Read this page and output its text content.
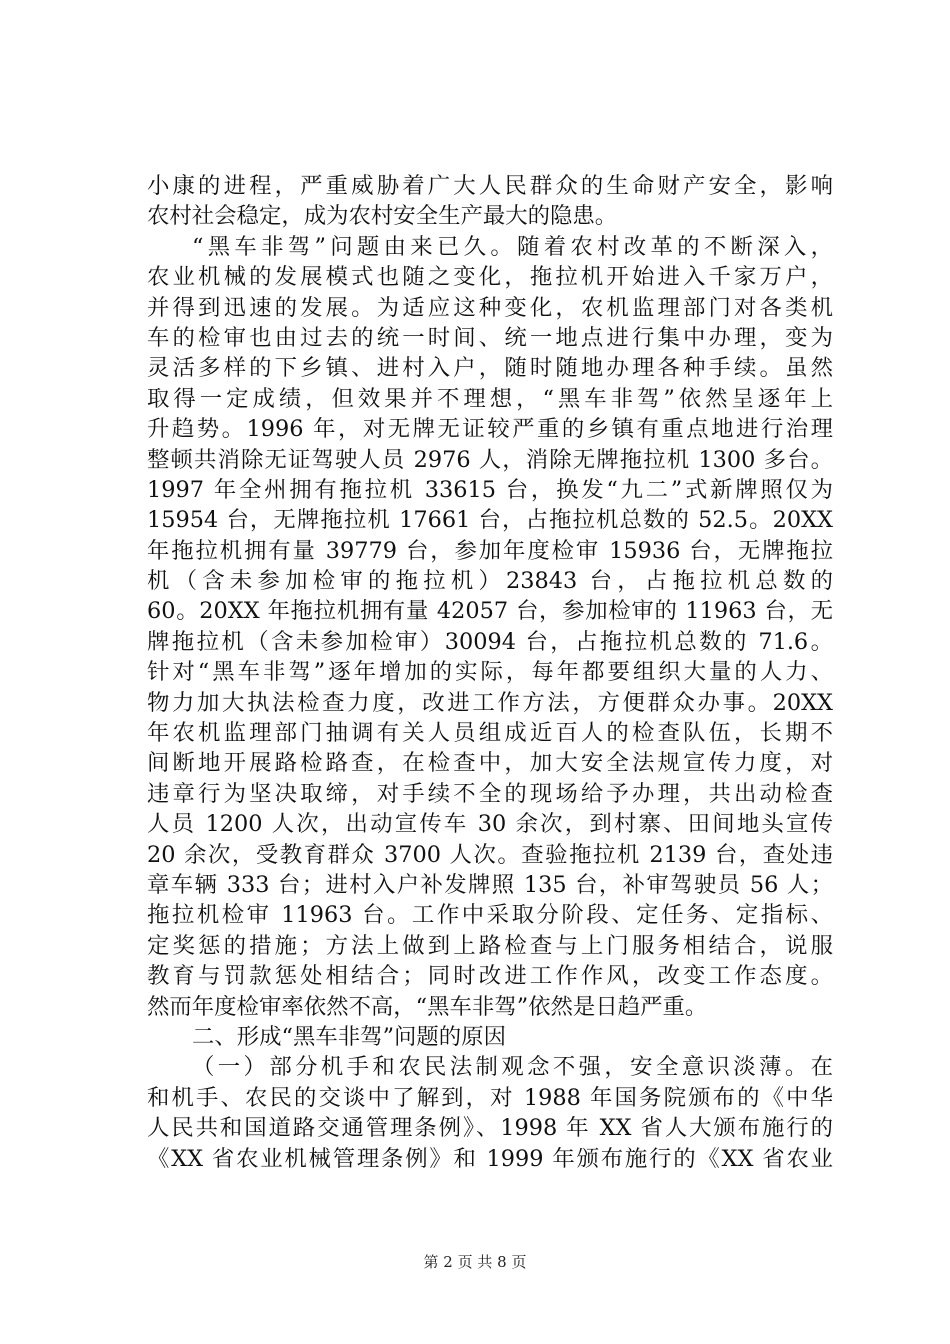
小康的进程，严重威胁着广大人民群众的生命财产安全，影响
农村社会稳定，成为农村安全生产最大的隐患。
“黑车非驾”问题由来已久。随着农村改革的不断深入，
农业机械的发展模式也随之变化，拖拉机开始进入千家万户，
并得到迅速的发展。为适应这种变化，农机监理部门对各类机
车的检审也由过去的统一时间、统一地点进行集中办理，变为
灵活多样的下乡镇、进村入户，随时随地办理各种手续。虽然
取得一定成绩，但效果并不理想，“黑车非驾”依然呈逐年上
升趋势。1996 年，对无牌无证较严重的乡镇有重点地进行治理
整顿共消除无证驾驶人员 2976 人，消除无牌拖拉机 1300 多台。
1997 年全州拥有拖拉机 33615 台，换发“九二”式新牌照仅为
15954 台，无牌拖拉机 17661 台，占拖拉机总数的 52.5。20XX
年拖拉机拥有量 39779 台，参加年度检审 15936 台，无牌拖拉
机（含未参加检审的拖拉机）23843 台，占拖拉机总数的
60。20XX 年拖拉机拥有量 42057 台，参加检审的 11963 台，无
牌拖拉机（含未参加检审）30094 台，占拖拉机总数的 71.6。
针对“黑车非驾”逐年增加的实际，每年都要组织大量的人力、
物力加大执法检查力度，改进工作方法，方便群众办事。20XX
年农机监理部门抽调有关人员组成近百人的检查队伍，长期不
间断地开展路检路查，在检查中，加大安全法规宣传力度，对
违章行为坚决取缔，对手续不全的现场给予办理，共出动检查
人员 1200 人次，出动宣传车 30 余次，到村寨、田间地头宣传
20 余次，受教育群众 3700 人次。查验拖拉机 2139 台，查处违
章车辆 333 台；进村入户补发牌照 135 台，补审驾驶员 56 人；
拖拉机检审 11963 台。工作中采取分阶段、定任务、定指标、
定奖惩的措施；方法上做到上路检查与上门服务相结合，说服
教育与罚款惩处相结合；同时改进工作作风，改变工作态度。
然而年度检审率依然不高，“黑车非驾”依然是日趋严重。
二、形成“黑车非驾”问题的原因
（一）部分机手和农民法制观念不强，安全意识淡薄。在
和机手、农民的交谈中了解到，对 1988 年国务院颁布的《中华
人民共和国道路交通管理条例》、1998 年 XX 省人大颁布施行的
《XX 省农业机械管理条例》和 1999 年颁布施行的《XX 省农业
第 2 页 共 8 页
